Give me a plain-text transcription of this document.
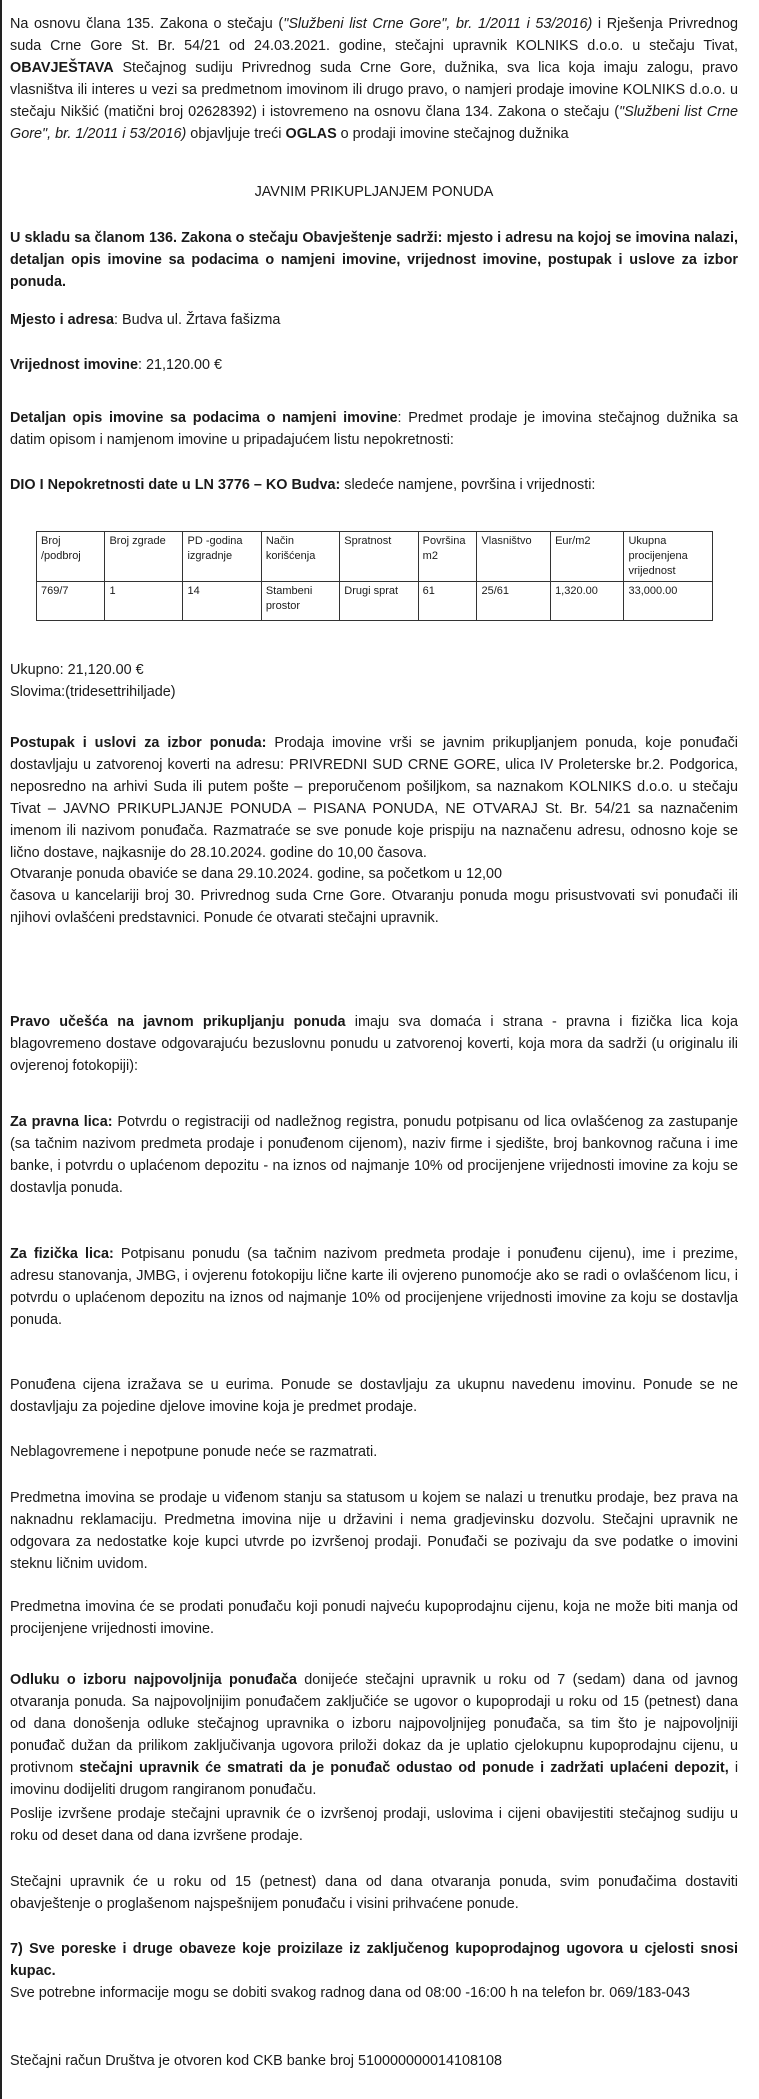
Na osnovu člana 135. Zakona o stečaju ("Službeni list Crne Gore", br. 1/2011 i 53/2016) i Rješenja Privrednog suda Crne Gore St. Br. 54/21 od 24.03.2021. godine, stečajni upravnik KOLNIKS d.o.o. u stečaju Tivat, OBAVJEŠTAVA Stečajnog sudiju Privrednog suda Crne Gore, dužnika, sva lica koja imaju zalogu, pravo vlasništva ili interes u vezi sa predmetnom imovinom ili drugo pravo, o namjeri prodaje imovine KOLNIKS d.o.o. u stečaju Nikšić (matični broj 02628392) i istovremeno na osnovu člana 134. Zakona o stečaju ("Službeni list Crne Gore", br. 1/2011 i 53/2016) objavljuje treći OGLAS o prodaji imovine stečajnog dužnika
JAVNIM PRIKUPLJANJEM PONUDA
U skladu sa članom 136. Zakona o stečaju Obavještenje sadrži: mjesto i adresu na kojoj se imovina nalazi, detaljan opis imovine sa podacima o namjeni imovine, vrijednost imovine, postupak i uslove za izbor ponuda.
Mjesto i adresa: Budva ul. Žrtava fašizma
Vrijednost imovine: 21,120.00 €
Detaljan opis imovine sa podacima o namjeni imovine: Predmet prodaje je imovina stečajnog dužnika sa datim opisom i namjenom imovine u pripadajućem listu nepokretnosti:
DIO I Nepokretnosti date u LN 3776 – KO Budva: sledeće namjene, površina i vrijednosti:
Broj /podbroj	Broj zgrade	PD -godina izgradnje	Način korišćenja	Spratnost	Površina m2	Vlasništvo	Eur/m2	Ukupna procijenjena vrijednost
769/7	1	14	Stambeni prostor	Drugi sprat	61	25/61	1,320.00	33,000.00
Ukupno: 21,120.00 €
Slovima:(tridesettrihiljade)
Postupak i uslovi za izbor ponuda: Prodaja imovine vrši se javnim prikupljanjem ponuda, koje ponuđači dostavljaju u zatvorenoj koverti na adresu: PRIVREDNI SUD CRNE GORE, ulica IV Proleterske br.2. Podgorica, neposredno na arhivi Suda ili putem pošte – preporučenom pošiljkom, sa naznakom KOLNIKS d.o.o. u stečaju Tivat – JAVNO PRIKUPLJANJE PONUDA – PISANA PONUDA, NE OTVARAJ St. Br. 54/21 sa naznačenim imenom ili nazivom ponuđača. Razmatraće se sve ponude koje prispiju na naznačenu adresu, odnosno koje se lično dostave, najkasnije do 28.10.2024. godine do 10,00 časova.
Otvaranje ponuda obaviće se dana 29.10.2024. godine, sa početkom u 12,00
časova u kancelariji broj 30. Privrednog suda Crne Gore. Otvaranju ponuda mogu prisustvovati svi ponuđači ili njihovi ovlašćeni predstavnici. Ponude će otvarati stečajni upravnik.
Pravo učešća na javnom prikupljanju ponuda imaju sva domaća i strana - pravna i fizička lica koja blagovremeno dostave odgovarajuću bezuslovnu ponudu u zatvorenoj koverti, koja mora da sadrži (u originalu ili ovjerenoj fotokopiji):
Za pravna lica: Potvrdu o registraciji od nadležnog registra, ponudu potpisanu od lica ovlašćenog za zastupanje (sa tačnim nazivom predmeta prodaje i ponuđenom cijenom), naziv firme i sjedište, broj bankovnog računa i ime banke, i potvrdu o uplaćenom depozitu - na iznos od najmanje 10% od procijenjene vrijednosti imovine za koju se dostavlja ponuda.
Za fizička lica: Potpisanu ponudu (sa tačnim nazivom predmeta prodaje i ponuđenu cijenu), ime i prezime, adresu stanovanja, JMBG, i ovjerenu fotokopiju lične karte ili ovjereno punomoćje ako se radi o ovlašćenom licu, i potvrdu o uplaćenom depozitu na iznos od najmanje 10% od procijenjene vrijednosti imovine za koju se dostavlja ponuda.
Ponuđena cijena izražava se u eurima. Ponude se dostavljaju za ukupnu navedenu imovinu. Ponude se ne dostavljaju za pojedine djelove imovine koja je predmet prodaje.
Neblagovremene i nepotpune ponude neće se razmatrati.
Predmetna imovina se prodaje u viđenom stanju sa statusom u kojem se nalazi u trenutku prodaje, bez prava na naknadnu reklamaciju. Predmetna imovina nije u državini i nema gradjevinsku dozvolu. Stečajni upravnik ne odgovara za nedostatke koje kupci utvrde po izvršenoj prodaji. Ponuđači se pozivaju da sve podatke o imovini steknu ličnim uvidom.
Predmetna imovina će se prodati ponuđaču koji ponudi najveću kupoprodajnu cijenu, koja ne može biti manja od procijenjene vrijednosti imovine.
Odluku o izboru najpovoljnija ponuđača donijeće stečajni upravnik u roku od 7 (sedam) dana od javnog otvaranja ponuda. Sa najpovoljnijim ponuđačem zaključiće se ugovor o kupoprodaji u roku od 15 (petnest) dana od dana donošenja odluke stečajnog upravnika o izboru najpovoljnijeg ponuđača, sa tim što je najpovoljniji ponuđač dužan da prilikom zaključivanja ugovora priloži dokaz da je uplatio cjelokupnu kupoprodajnu cijenu, u protivnom stečajni upravnik će smatrati da je ponuđač odustao od ponude i zadržati uplaćeni depozit, i imovinu dodijeliti drugom rangiranom ponuđaču.
Poslije izvršene prodaje stečajni upravnik će o izvršenoj prodaji, uslovima i cijeni obavijestiti stečajnog sudiju u roku od deset dana od dana izvršene prodaje.
Stečajni upravnik će u roku od 15 (petnest) dana od dana otvaranja ponuda, svim ponuđačima dostaviti obavještenje o proglašenom najspešnijem ponuđaču i visini prihvaćene ponude.
7) Sve poreske i druge obaveze koje proizilaze iz zaključenog kupoprodajnog ugovora u cjelosti snosi kupac.
Sve potrebne informacije mogu se dobiti svakog radnog dana od 08:00 -16:00 h na telefon br. 069/183-043
Stečajni račun Društva je otvoren kod CKB banke broj 510000000014108108
